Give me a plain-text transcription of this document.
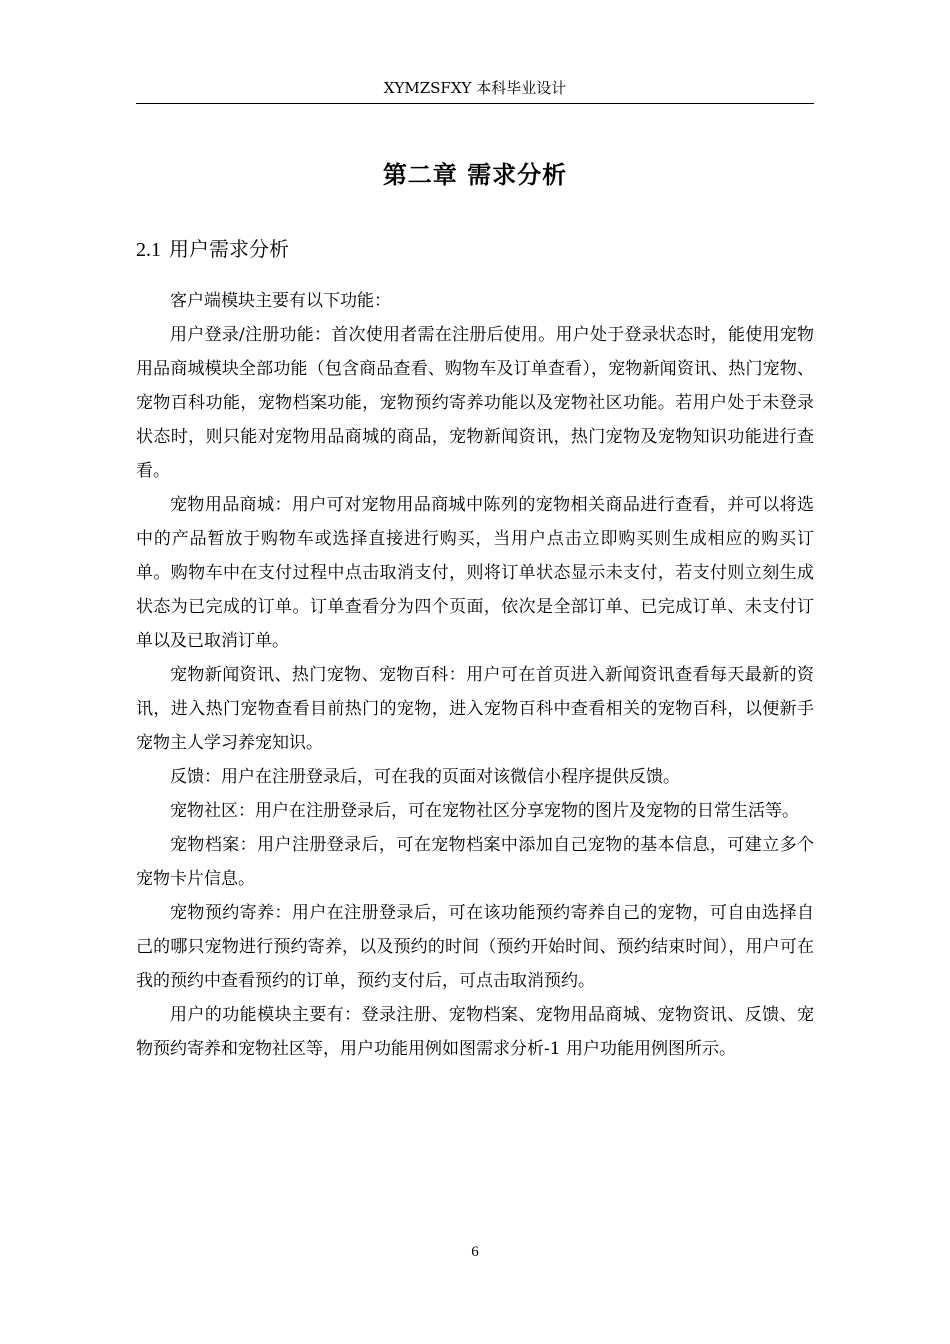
XYMZSFXY 本科毕业设计
第二章 需求分析
2.1 用户需求分析

客户端模块主要有以下功能：

用户登录/注册功能：首次使用者需在注册后使用。用户处于登录状态时，能使用宠物用品商城模块全部功能（包含商品查看、购物车及订单查看），宠物新闻资讯、热门宠物、宠物百科功能，宠物档案功能，宠物预约寄养功能以及宠物社区功能。若用户处于未登录状态时，则只能对宠物用品商城的商品，宠物新闻资讯，热门宠物及宠物知识功能进行查看。

宠物用品商城：用户可对宠物用品商城中陈列的宠物相关商品进行查看，并可以将选中的产品暂放于购物车或选择直接进行购买，当用户点击立即购买则生成相应的购买订单。购物车中在支付过程中点击取消支付，则将订单状态显示未支付，若支付则立刻生成状态为已完成的订单。订单查看分为四个页面，依次是全部订单、已完成订单、未支付订单以及已取消订单。

宠物新闻资讯、热门宠物、宠物百科：用户可在首页进入新闻资讯查看每天最新的资讯，进入热门宠物查看目前热门的宠物，进入宠物百科中查看相关的宠物百科，以便新手宠物主人学习养宠知识。

反馈：用户在注册登录后，可在我的页面对该微信小程序提供反馈。

宠物社区：用户在注册登录后，可在宠物社区分享宠物的图片及宠物的日常生活等。

宠物档案：用户注册登录后，可在宠物档案中添加自己宠物的基本信息，可建立多个宠物卡片信息。

宠物预约寄养：用户在注册登录后，可在该功能预约寄养自己的宠物，可自由选择自己的哪只宠物进行预约寄养，以及预约的时间（预约开始时间、预约结束时间），用户可在我的预约中查看预约的订单，预约支付后，可点击取消预约。

用户的功能模块主要有：登录注册、宠物档案、宠物用品商城、宠物资讯、反馈、宠物预约寄养和宠物社区等，用户功能用例如图需求分析-1 用户功能用例图所示。

6
